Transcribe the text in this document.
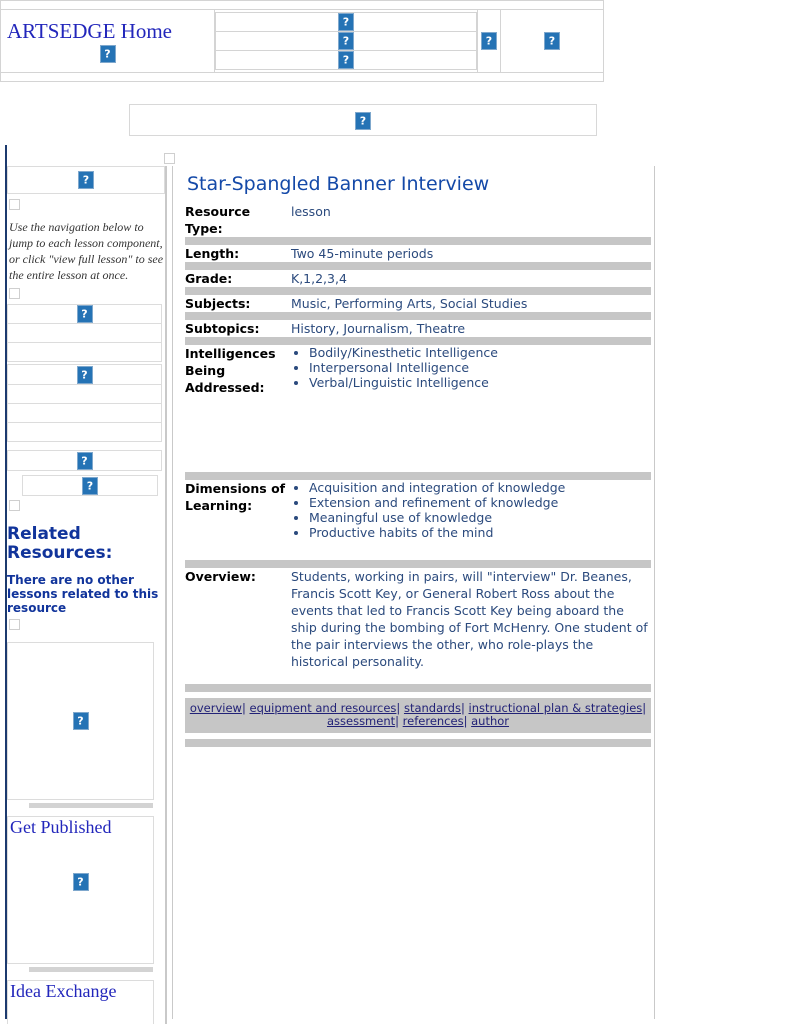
ARTSEDGE Home
?

?
?
?
	?	?
?
?
Use the navigation below to jump to each lesson component, or click "view full lesson" to see the entire lesson at once.
?

?

?
?
Related Resources:
There are no other lessons related to this resource
?
Get Published
?
Idea Exchange
Star-Spangled Banner Interview
Resource Type:	lesson

Length:	Two 45-minute periods

Grade:	K,1,2,3,4

Subjects:	Music, Performing Arts, Social Studies

Subtopics:	History, Journalism, Theatre

Intelligences Being Addressed:	
• Bodily/Kinesthetic Intelligence
• Interpersonal Intelligence
• Verbal/Linguistic Intelligence

Dimensions of Learning:	
• Acquisition and integration of knowledge
• Extension and refinement of knowledge
• Meaningful use of knowledge
• Productive habits of the mind

Overview:	Students, working in pairs, will "interview" Dr. Beanes, Francis Scott Key, or General Robert Ross about the events that led to Francis Scott Key being aboard the ship during the bombing of Fort McHenry. One student of the pair interviews the other, who role-plays the historical personality.

overview| equipment and resources| standards| instructional plan & strategies| assessment| references| author
